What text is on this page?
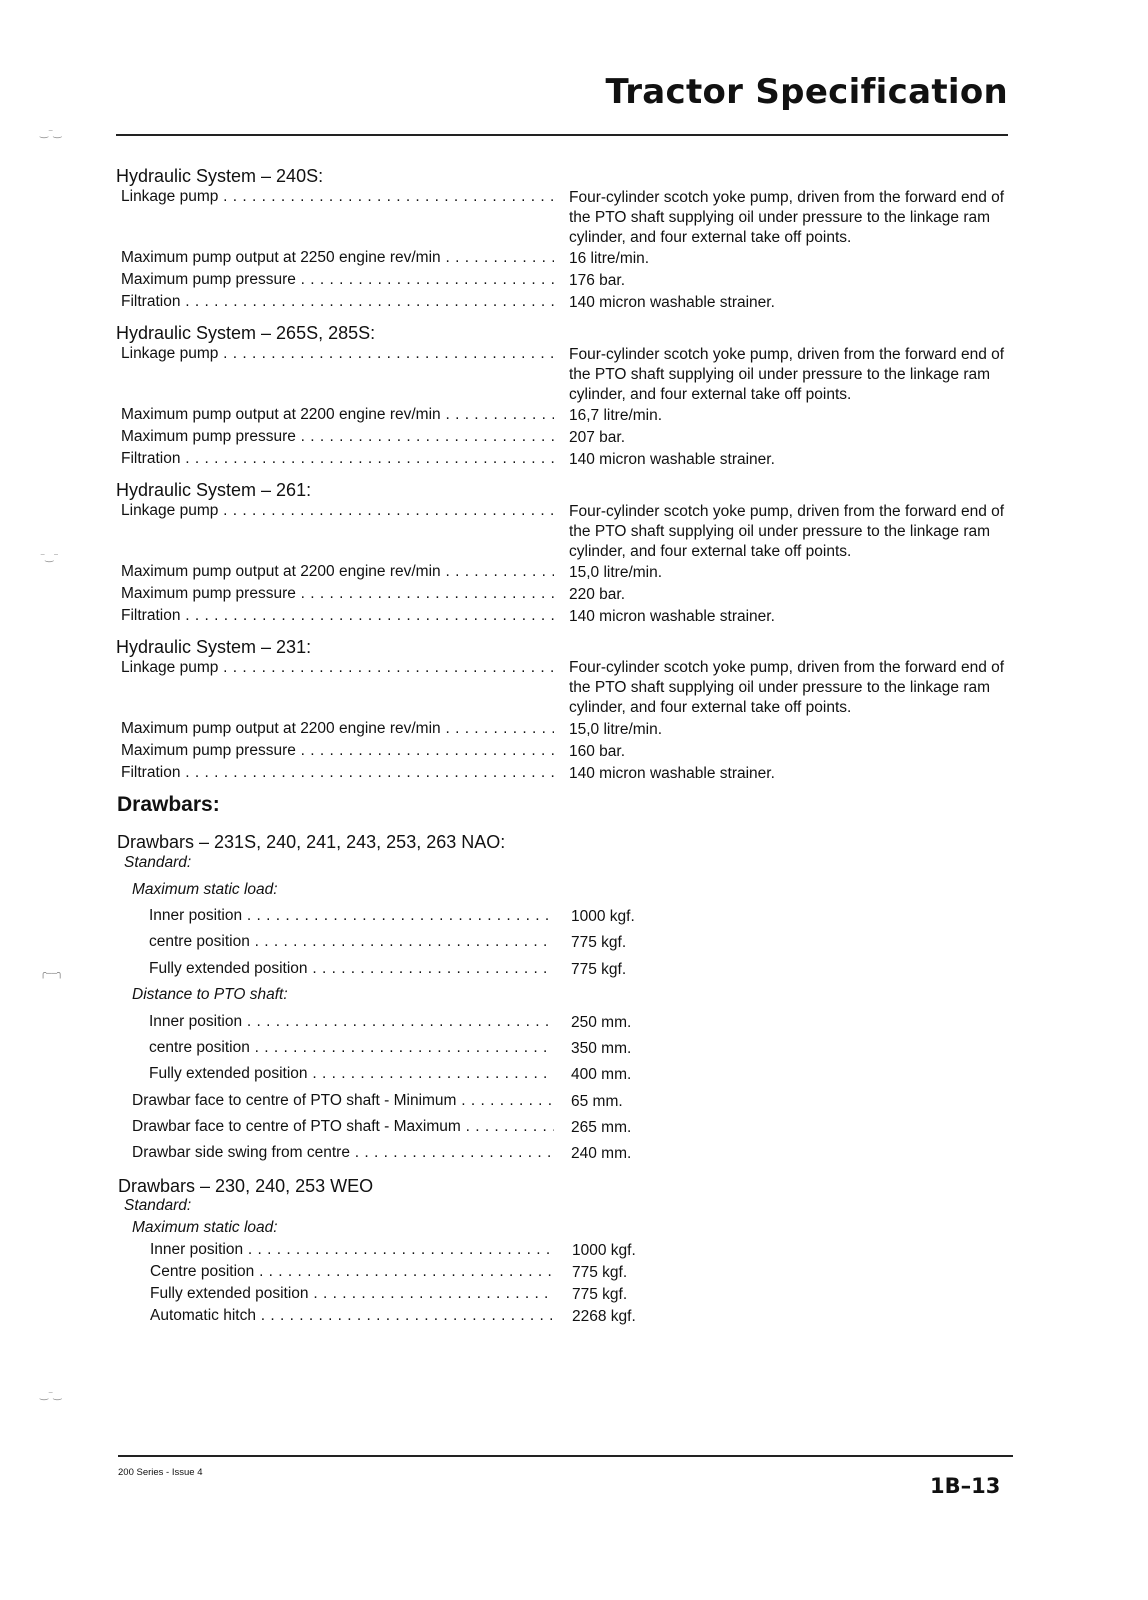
‿⁻‿
⁻‿⁻
╭‒‒╮
‿⁻‿
Tractor Specification
Hydraulic System – 240S:
Linkage pump . . .	Four-cylinder scotch yoke pump, driven from the forward end of the PTO shaft supplying oil under pressure to the linkage ram cylinder, and four external take off points.
Maximum pump output at 2250 engine rev/min . . .	16 litre/min.
Maximum pump pressure . . .	176 bar.
Filtration . . .	140 micron washable strainer.
Hydraulic System – 265S, 285S:
Linkage pump . . .	Four-cylinder scotch yoke pump, driven from the forward end of the PTO shaft supplying oil under pressure to the linkage ram cylinder, and four external take off points.
Maximum pump output at 2200 engine rev/min . . .	16,7 litre/min.
Maximum pump pressure . . .	207 bar.
Filtration . . .	140 micron washable strainer.
Hydraulic System – 261:
Linkage pump . . .	Four-cylinder scotch yoke pump, driven from the forward end of the PTO shaft supplying oil under pressure to the linkage ram cylinder, and four external take off points.
Maximum pump output at 2200 engine rev/min . . .	15,0 litre/min.
Maximum pump pressure . . .	220 bar.
Filtration . . .	140 micron washable strainer.
Hydraulic System – 231:
Linkage pump . . .	Four-cylinder scotch yoke pump, driven from the forward end of the PTO shaft supplying oil under pressure to the linkage ram cylinder, and four external take off points.
Maximum pump output at 2200 engine rev/min . . .	15,0 litre/min.
Maximum pump pressure . . .	160 bar.
Filtration . . .	140 micron washable strainer.
Drawbars:
Drawbars – 231S, 240, 241, 243, 253, 263 NAO:
Standard:
Maximum static load:
Inner position . . .	1000 kgf.
centre position . . .	775 kgf.
Fully extended position . . .	775 kgf.
Distance to PTO shaft:
Inner position . . .	250 mm.
centre position . . .	350 mm.
Fully extended position . . .	400 mm.
Drawbar face to centre of PTO shaft - Minimum . . .	65 mm.
Drawbar face to centre of PTO shaft - Maximum . . .	265 mm.
Drawbar side swing from centre . . .	240 mm.
Drawbars – 230, 240, 253 WEO
Standard:
Maximum static load:
Inner position . . .	1000 kgf.
Centre position . . .	775 kgf.
Fully extended position . . .	775 kgf.
Automatic hitch . . .	2268 kgf.
200 Series - Issue 4
1B–13
